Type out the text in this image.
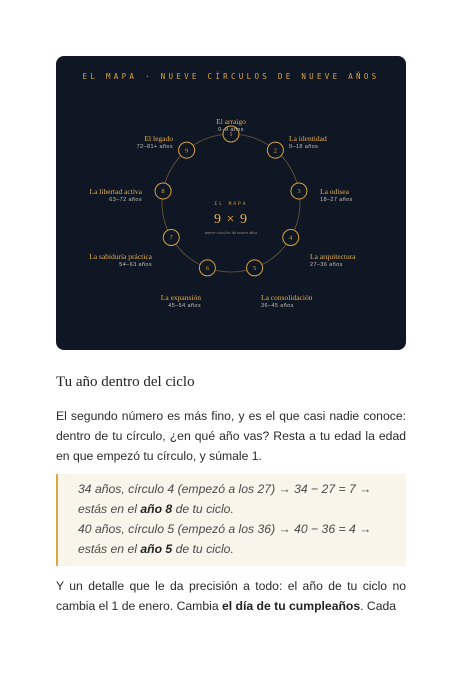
EL MAPA · NUEVE CÍRCULOS DE NUEVE AÑOS
1
2
3
4
5
6
7
8
9
El arraigo
0–9 años
La identidad
9–18 años
La odisea
18–27 años
La arquitectura
27–36 años
La consolidación
36–45 años
La expansión
45–54 años
La sabiduría práctica
54–63 años
La libertad activa
63–72 años
El legado
72–81+ años
EL MAPA
9 × 9
nueve círculos de nueve años
Tu año dentro del ciclo

El segundo número es más fino, y es el que casi nadie conoce: dentro de tu círculo, ¿en qué año vas? Resta a tu edad la edad en que empezó tu círculo, y súmale 1.

34 años, círculo 4 (empezó a los 27) → 34 − 27 = 7 → estás en el año 8 de tu ciclo.

40 años, círculo 5 (empezó a los 36) → 40 − 36 = 4 → estás en el año 5 de tu ciclo.

Y un detalle que le da precisión a todo: el año de tu ciclo no cambia el 1 de enero. Cambia el día de tu cumpleaños. Cada
